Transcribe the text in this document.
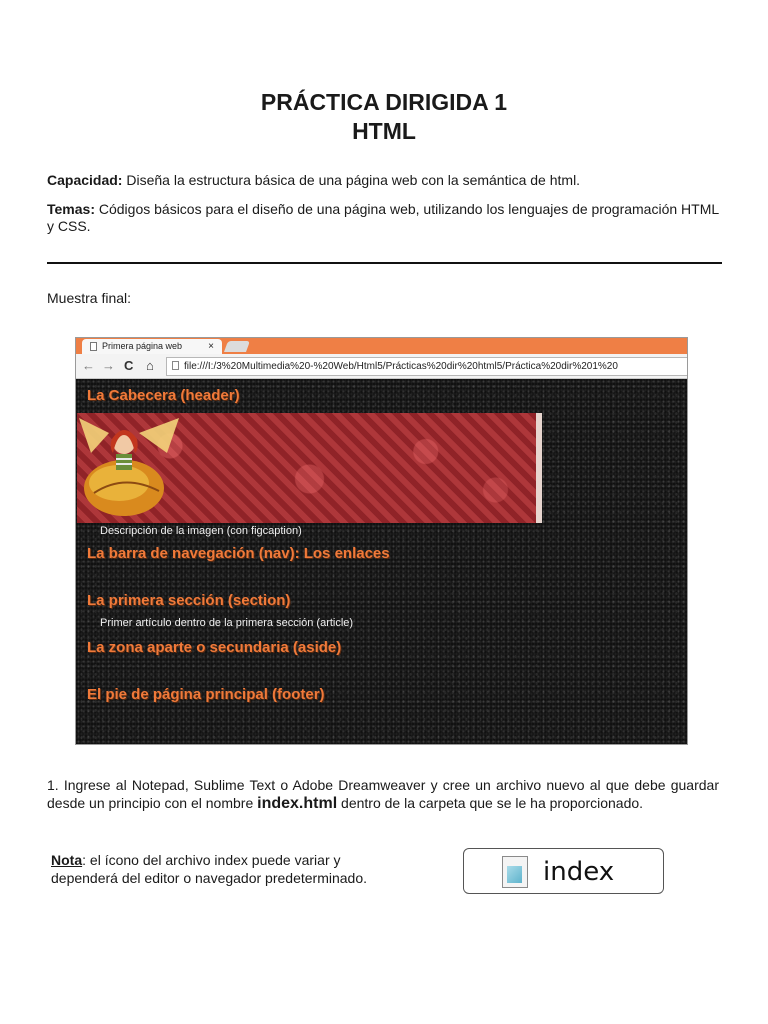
PRÁCTICA DIRIGIDA 1
HTML
Capacidad: Diseña la estructura básica de una página web con la semántica de html.
Temas: Códigos básicos para el diseño de una página web, utilizando los lenguajes de programación HTML y CSS.
Muestra final:
Primera página web	×
← → C ⌂	file:///I:/3%20Multimedia%20-%20Web/Html5/Prácticas%20dir%20html5/Práctica%20dir%201%20
La Cabecera (header)
Descripción de la imagen (con figcaption)
La barra de navegación (nav): Los enlaces
La primera sección (section)
Primer artículo dentro de la primera sección (article)
La zona aparte o secundaria (aside)
El pie de página principal (footer)
1. Ingrese al Notepad, Sublime Text o Adobe Dreamweaver y cree un archivo nuevo al que debe guardar desde un principio con el nombre index.html dentro de la carpeta que se le ha proporcionado.
Nota: el ícono del archivo index puede variar y dependerá del editor o navegador predeterminado.	index
